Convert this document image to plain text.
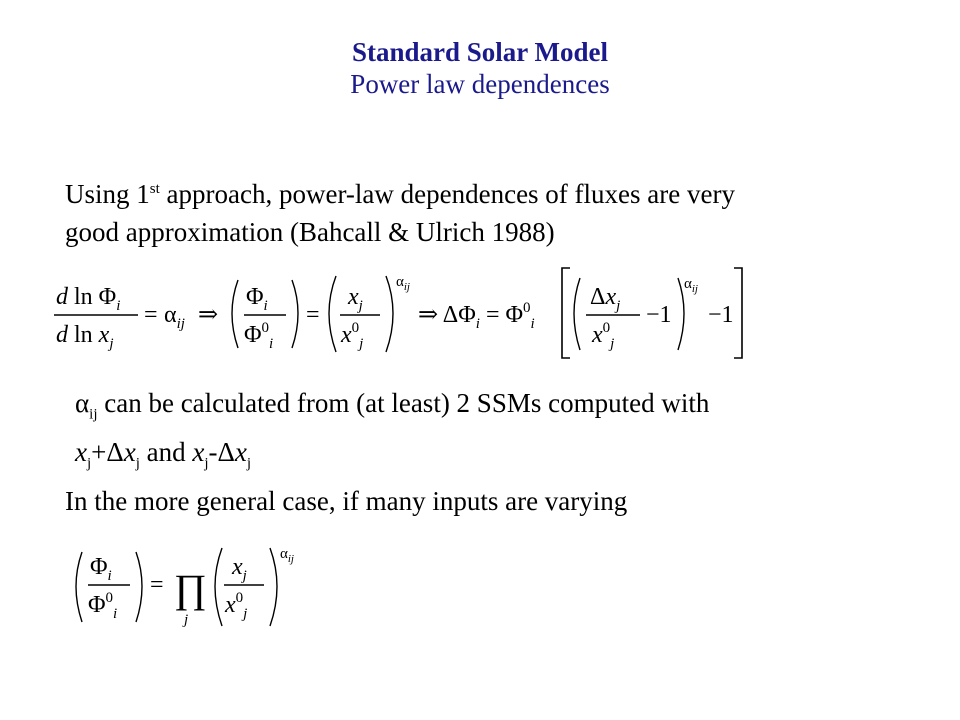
Standard Solar Model
Power law dependences
Using 1st approach, power-law dependences of fluxes are very
good approximation (Bahcall & Ulrich 1988)
d $\ln \Phi_i$
d $\ln x_j$
= $\alpha_{ij}$ ⇒
$\Phi_i$
$\Phi^0_i$
=
$x_j$
$x^0_j$
$\alpha_{ij}$
⇒ $\Delta\Phi_i = \Phi^0_i$
$\Delta x_j$
$x^0_j$
−1
$\alpha_{ij}$
−1
$\alpha_{ij}$ can be calculated from (at least) 2 SSMs computed with
$x_j+\Delta x_j$ and $x_j-\Delta x_j$
In the more general case, if many inputs are varying
$\Phi_i$
$\Phi^0_i$
= ∏
j
$x_j$
$x^0_j$
$\alpha_{ij}$
